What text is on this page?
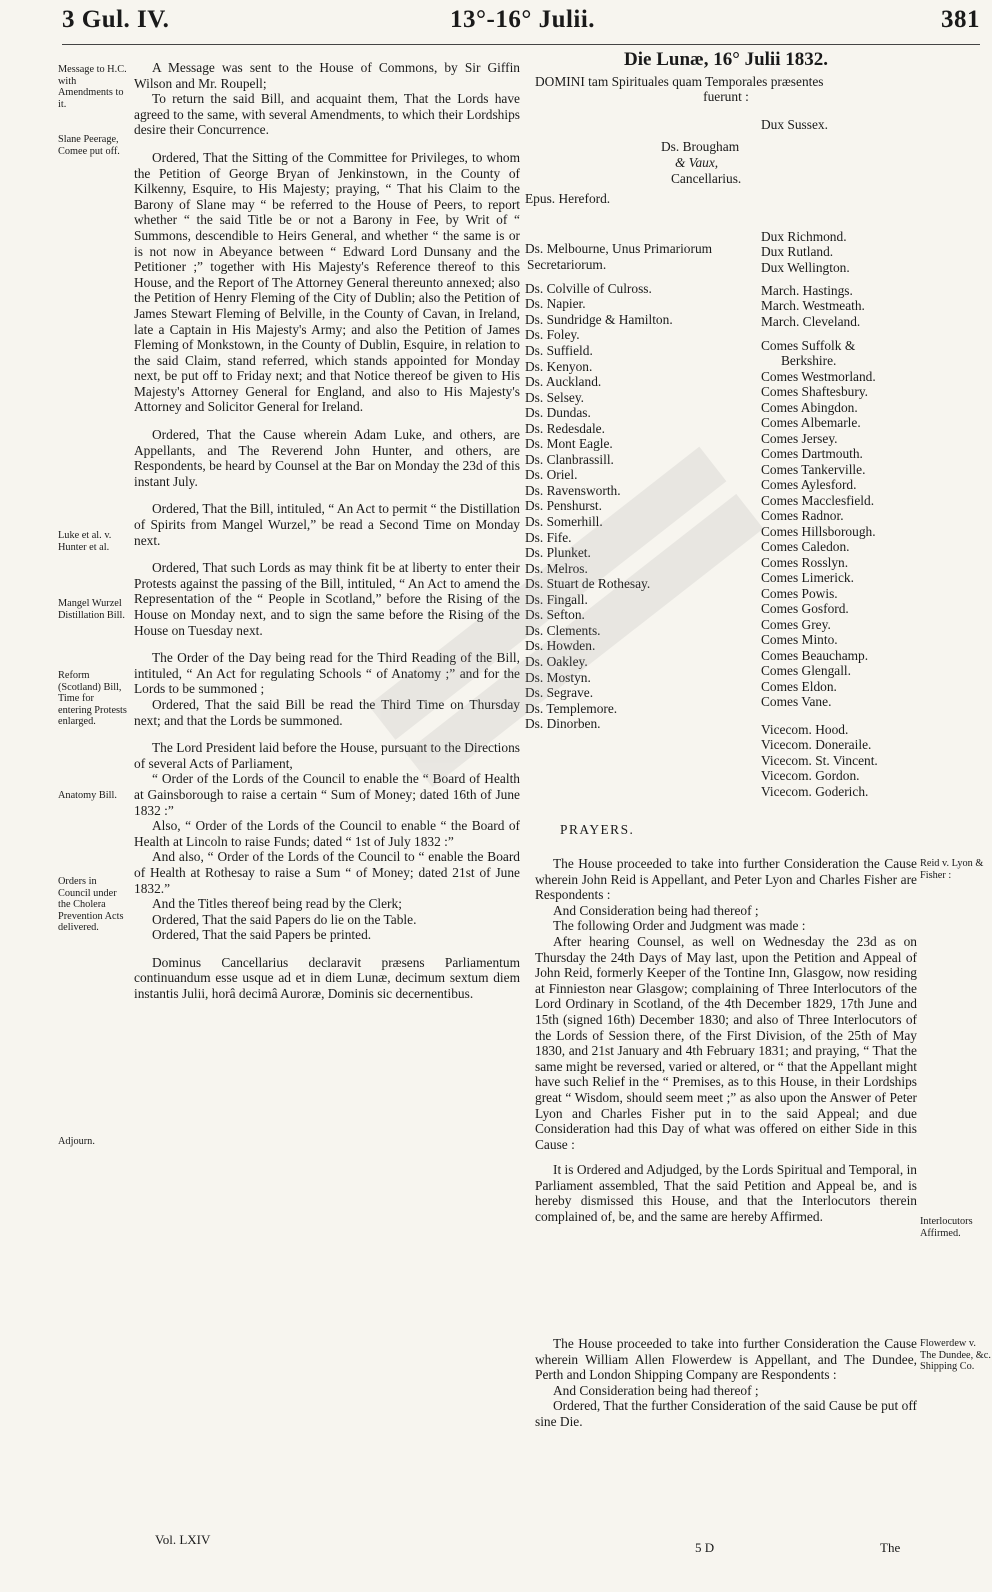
3 Gul. IV.	13°-16° Julii.	381
Message to H.C. with Amendments to it.
Slane Peerage, Comee put off.
Luke et al. v. Hunter et al.
Mangel Wurzel Distillation Bill.
Reform (Scotland) Bill, Time for entering Protests enlarged.
Anatomy Bill.
Orders in Council under the Cholera Prevention Acts delivered.
Adjourn.

A Message was sent to the House of Commons, by Sir Giffin Wilson and Mr. Roupell;

To return the said Bill, and acquaint them, That the Lords have agreed to the same, with several Amendments, to which their Lordships desire their Concurrence.

Ordered, That the Sitting of the Committee for Privileges, to whom the Petition of George Bryan of Jenkinstown, in the County of Kilkenny, Esquire, to His Majesty; praying, “ That his Claim to the Barony of Slane may “ be referred to the House of Peers, to report whether “ the said Title be or not a Barony in Fee, by Writ of “ Summons, descendible to Heirs General, and whether “ the same is or is not now in Abeyance between “ Edward Lord Dunsany and the Petitioner ;” together with His Majesty's Reference thereof to this House, and the Report of The Attorney General thereunto annexed; also the Petition of Henry Fleming of the City of Dublin; also the Petition of James Stewart Fleming of Belville, in the County of Cavan, in Ireland, late a Captain in His Majesty's Army; and also the Petition of James Fleming of Monkstown, in the County of Dublin, Esquire, in relation to the said Claim, stand referred, which stands appointed for Monday next, be put off to Friday next; and that Notice thereof be given to His Majesty's Attorney General for England, and also to His Majesty's Attorney and Solicitor General for Ireland.

Ordered, That the Cause wherein Adam Luke, and others, are Appellants, and The Reverend John Hunter, and others, are Respondents, be heard by Counsel at the Bar on Monday the 23d of this instant July.

Ordered, That the Bill, intituled, “ An Act to permit “ the Distillation of Spirits from Mangel Wurzel,” be read a Second Time on Monday next.

Ordered, That such Lords as may think fit be at liberty to enter their Protests against the passing of the Bill, intituled, “ An Act to amend the Representation of the “ People in Scotland,” before the Rising of the House on Monday next, and to sign the same before the Rising of the House on Tuesday next.

The Order of the Day being read for the Third Reading of the Bill, intituled, “ An Act for regulating Schools “ of Anatomy ;” and for the Lords to be summoned ;

Ordered, That the said Bill be read the Third Time on Thursday next; and that the Lords be summoned.

The Lord President laid before the House, pursuant to the Directions of several Acts of Parliament,

“ Order of the Lords of the Council to enable the “ Board of Health at Gainsborough to raise a certain “ Sum of Money; dated 16th of June 1832 :”

Also, “ Order of the Lords of the Council to enable “ the Board of Health at Lincoln to raise Funds; dated “ 1st of July 1832 :”

And also, “ Order of the Lords of the Council to “ enable the Board of Health at Rothesay to raise a Sum “ of Money; dated 21st of June 1832.”

And the Titles thereof being read by the Clerk;

Ordered, That the said Papers do lie on the Table.

Ordered, That the said Papers be printed.

Dominus Cancellarius declaravit præsens Parliamentum continuandum esse usque ad et in diem Lunæ, decimum sextum diem instantis Julii, horâ decimâ Auroræ, Dominis sic decernentibus.

Die Lunæ, 16° Julii 1832.

DOMINI tam Spirituales quam Temporales præsentes

fuerunt :

Dux Sussex.
Ds. Brougham
& Vaux,
Cancellarius.
Epus. Hereford.
Ds. Melbourne, Unus Primariorum
Secretariorum.
Ds. Colville of Culross.
Ds. Napier.
Ds. Sundridge & Hamilton.
Ds. Foley.
Ds. Suffield.
Ds. Kenyon.
Ds. Auckland.
Ds. Selsey.
Ds. Dundas.
Ds. Redesdale.
Ds. Mont Eagle.
Ds. Clanbrassill.
Ds. Oriel.
Ds. Ravensworth.
Ds. Penshurst.
Ds. Somerhill.
Ds. Fife.
Ds. Plunket.
Ds. Melros.
Ds. Stuart de Rothesay.
Ds. Fingall.
Ds. Sefton.
Ds. Clements.
Ds. Howden.
Ds. Oakley.
Ds. Mostyn.
Ds. Segrave.
Ds. Templemore.
Ds. Dinorben.
Dux Richmond.
Dux Rutland.
Dux Wellington.
March. Hastings.
March. Westmeath.
March. Cleveland.
Comes Suffolk &
Berkshire.
Comes Westmorland.
Comes Shaftesbury.
Comes Abingdon.
Comes Albemarle.
Comes Jersey.
Comes Dartmouth.
Comes Tankerville.
Comes Aylesford.
Comes Macclesfield.
Comes Radnor.
Comes Hillsborough.
Comes Caledon.
Comes Rosslyn.
Comes Limerick.
Comes Powis.
Comes Gosford.
Comes Grey.
Comes Minto.
Comes Beauchamp.
Comes Glengall.
Comes Eldon.
Comes Vane.
Vicecom. Hood.
Vicecom. Doneraile.
Vicecom. St. Vincent.
Vicecom. Gordon.
Vicecom. Goderich.
PRAYERS.

The House proceeded to take into further Consideration the Cause wherein John Reid is Appellant, and Peter Lyon and Charles Fisher are Respondents :

And Consideration being had thereof ;

The following Order and Judgment was made :

After hearing Counsel, as well on Wednesday the 23d as on Thursday the 24th Days of May last, upon the Petition and Appeal of John Reid, formerly Keeper of the Tontine Inn, Glasgow, now residing at Finnieston near Glasgow; complaining of Three Interlocutors of the Lord Ordinary in Scotland, of the 4th December 1829, 17th June and 15th (signed 16th) December 1830; and also of Three Interlocutors of the Lords of Session there, of the First Division, of the 25th of May 1830, and 21st January and 4th February 1831; and praying, “ That the same might be reversed, varied or altered, or “ that the Appellant might have such Relief in the “ Premises, as to this House, in their Lordships great “ Wisdom, should seem meet ;” as also upon the Answer of Peter Lyon and Charles Fisher put in to the said Appeal; and due Consideration had this Day of what was offered on either Side in this Cause :

It is Ordered and Adjudged, by the Lords Spiritual and Temporal, in Parliament assembled, That the said Petition and Appeal be, and is hereby dismissed this House, and that the Interlocutors therein complained of, be, and the same are hereby Affirmed.

The House proceeded to take into further Consideration the Cause wherein William Allen Flowerdew is Appellant, and The Dundee, Perth and London Shipping Company are Respondents :

And Consideration being had thereof ;

Ordered, That the further Consideration of the said Cause be put off sine Die.

Reid v. Lyon & Fisher :
Interlocutors Affirmed.
Flowerdew v. The Dundee, &c. Shipping Co.
Vol. LXIV
5 D	The
